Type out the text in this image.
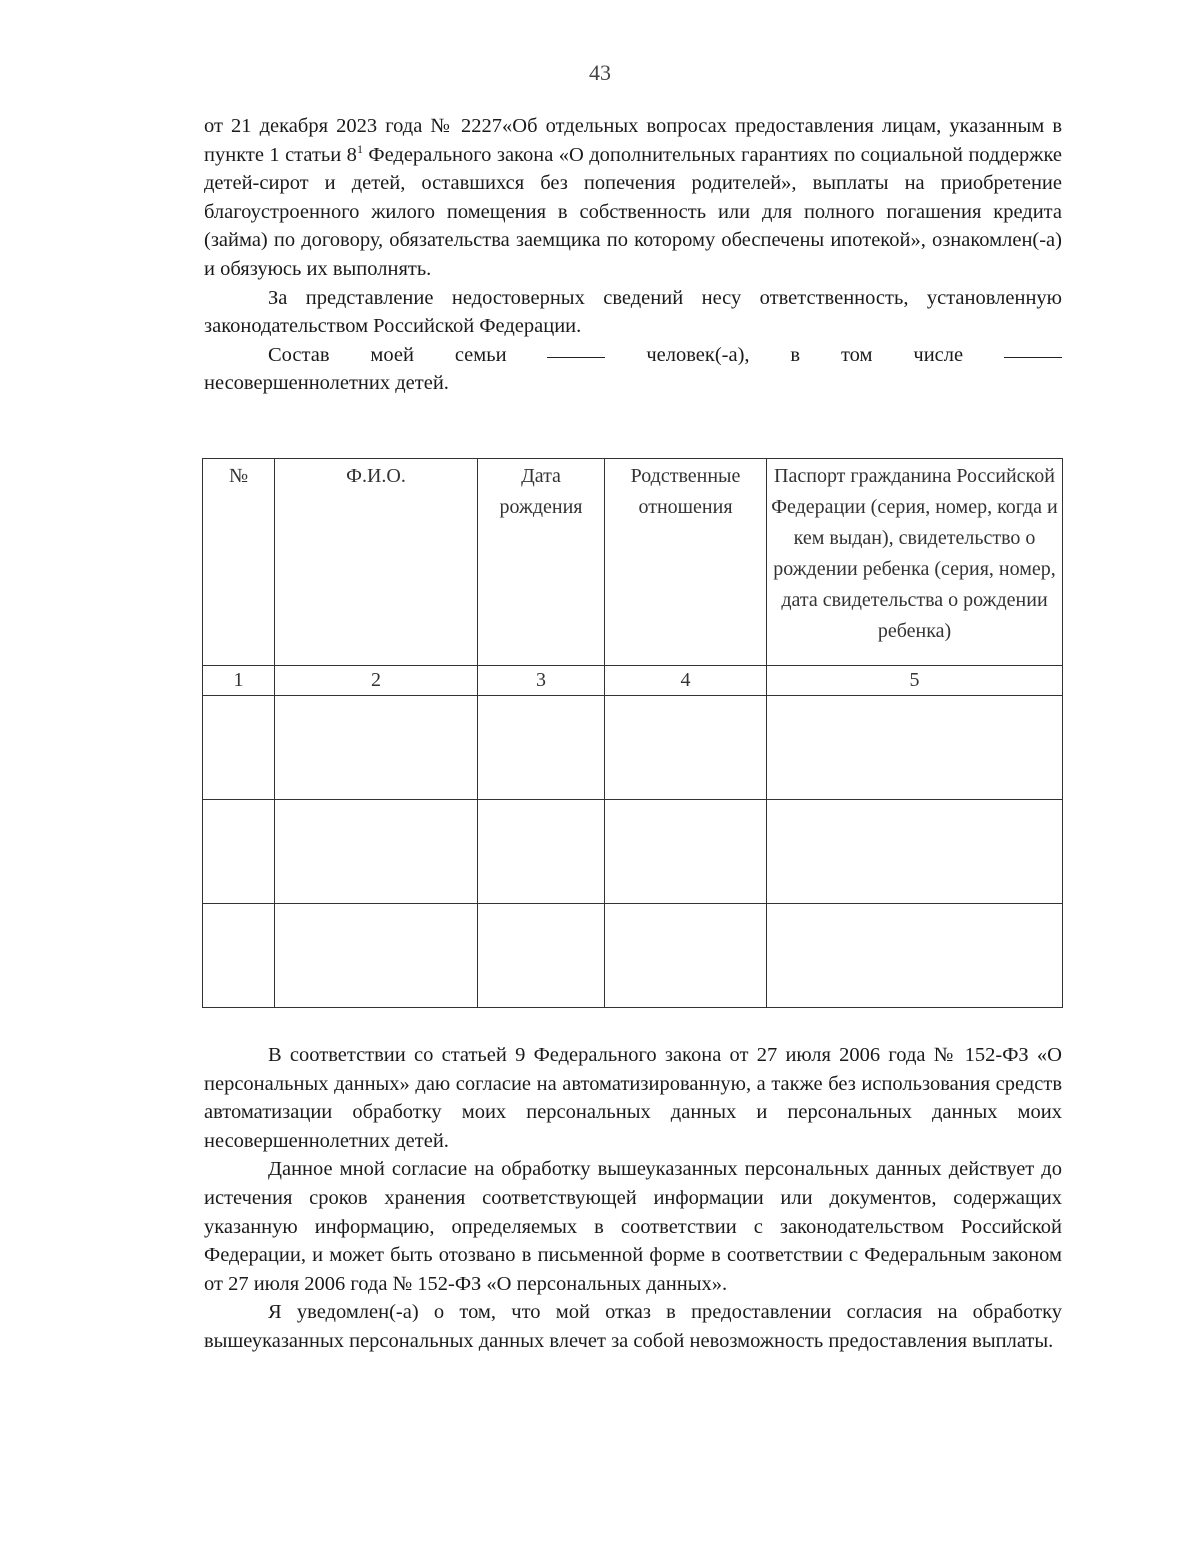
43

от 21 декабря 2023 года № 2227«Об отдельных вопросах предоставления лицам, указанным в пункте 1 статьи $8^1$ Федерального закона «О дополнительных гарантиях по социальной поддержке детей-сирот и детей, оставшихся без попечения родителей», выплаты на приобретение благоустроенного жилого помещения в собственность или для полного погашения кредита (займа) по договору, обязательства заемщика по которому обеспечены ипотекой», ознакомлен(-а) и обязуюсь их выполнять.

За представление недостоверных сведений несу ответственность, установленную законодательством Российской Федерации.

Состав моей семьи	человек(-а), в том числе

несовершеннолетних детей.

№	Ф.И.О.	Дата рождения	Родственные отношения	Паспорт гражданина Российской Федерации (серия, номер, когда и кем выдан), свидетельство о рождении ребенка (серия, номер, дата свидетельства о рождении ребенка)
1	2	3	4	5

В соответствии со статьей 9 Федерального закона от 27 июля 2006 года № 152-ФЗ «О персональных данных» даю согласие на автоматизированную, а также без использования средств автоматизации обработку моих персональных данных и персональных данных моих несовершеннолетних детей.

Данное мной согласие на обработку вышеуказанных персональных данных действует до истечения сроков хранения соответствующей информации или документов, содержащих указанную информацию, определяемых в соответствии с законодательством Российской Федерации, и может быть отозвано в письменной форме в соответствии с Федеральным законом от 27 июля 2006 года № 152-ФЗ «О персональных данных».

Я уведомлен(-а) о том, что мой отказ в предоставлении согласия на обработку вышеуказанных персональных данных влечет за собой невозможность предоставления выплаты.
